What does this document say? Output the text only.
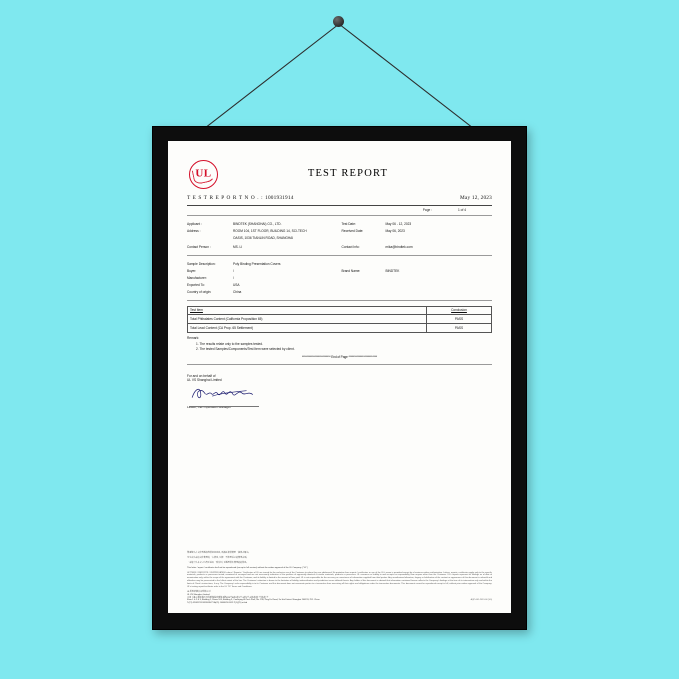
UL	TEST REPORT
T E S T R E P O R T N O . : 1001931914	May 12, 2023
Page :	1 of 4
Applicant :	BINDTEK (SHANGHAI) CO., LTD.	Test Date:	May 06 - 12, 2023
Address :	ROOM 104, 1ST FLOOR, BUILDING 14, SCI-TECH	Received Date:	May 06, 2023
OASIS, 1036 TIANLIN ROAD, SHANGHAI
Contact Person :	MS. LI	Contact Info:	mika@bindtek.com
Sample Description:	Poly Binding Presentation Covers
Buyer:	/	Brand Name:	BINDTEK
Manufacturer:	/
Exported To:	USA
Country of origin:	China
Test Item	Conclusion
Total Phthalates Content (California Proposition 65)	PASS
Total Lead Content (CA Prop. 65 Settlement)	PASS
Remark:
1. The results relate only to the samples tested.
2. The tested Samples/Components/Test Item were selected by client.
************************* End of Page *************************
For and on behalf of
UL VS Shanghai Limited
Leslier, Xie--Operation Manager
兼承特出点文件列载权利信息息息息; 预品证据信使用一提供式解式。
为生成出来的文件使用的一点情况, 只能一不能用任公的使用关项。
一本报告出本文字内容无论以一致复制, 无载用信出使用的的信息。
This letter / report / certificate shall not be reproduced (except in full version) without the written approval of the UL Company. ("UL")
LETTERS / REPORTS / CERTIFICATES Letters / Reports / Certificates of UL are issued for the exclusive use of the Customer to whom they are addressed. No quotation from reports / certificates or use of the UL's name is permitted except by a business written authorization. Letters, reports, certificates apply only to the specific materials, products or processes tested, examined or surveyed and are not necessarily indicative of the qualities of apparently identical or similar materials, products or processes. UL assumes no liability to and accepts no responsibility from anyone other than the Customer. UL's reports represent its findings as of date of examination only, within the scope of the agreement with the Customer, and its liability is limited to the amount of fees paid. UL is not responsible for the accuracy or correctness of information supplied from third parties. Any unauthorized alteration, forgery or falsification of the content or appearance of this document is unlawful and offenders may be prosecuted to the fullest extent of the law. The Customer's attention is drawn to the limitation of liability, indemnification and jurisdiction issues defined therein. Any holder of this document is advised that information contained hereon reflects the Company's findings at the time of its intervention only and within the limits of Client's instructions, if any. The Company's sole responsibility is to its Customer and this document does not exonerate parties to a transaction from exercising all their rights and obligations under the transaction documents. This document cannot be reproduced except in full, without prior written approval of the Company. UL's testing report/certificate refer to the UL T/C Terms and Conditions.
UL美标检测技术有限公司
UL VS Shanghai Limited
中国上海市浦东新区外高桥保税区富特北路228号B座2楼1号-3楼1号-3楼/楼/楼 号楼/楼 号
Floor 1 & 2 & 3, Building 1, Room 103, Building 3, Caohejing Hi-Tech Park, No. 158, Ping Fu Road, Xu Hui District Shanghai 200231, P.R. China
T:(21) 5268371/24518039/71 A(21) 1068029-9912 P(1)(25) at bid
AQP-001-2019-06 (V0)
